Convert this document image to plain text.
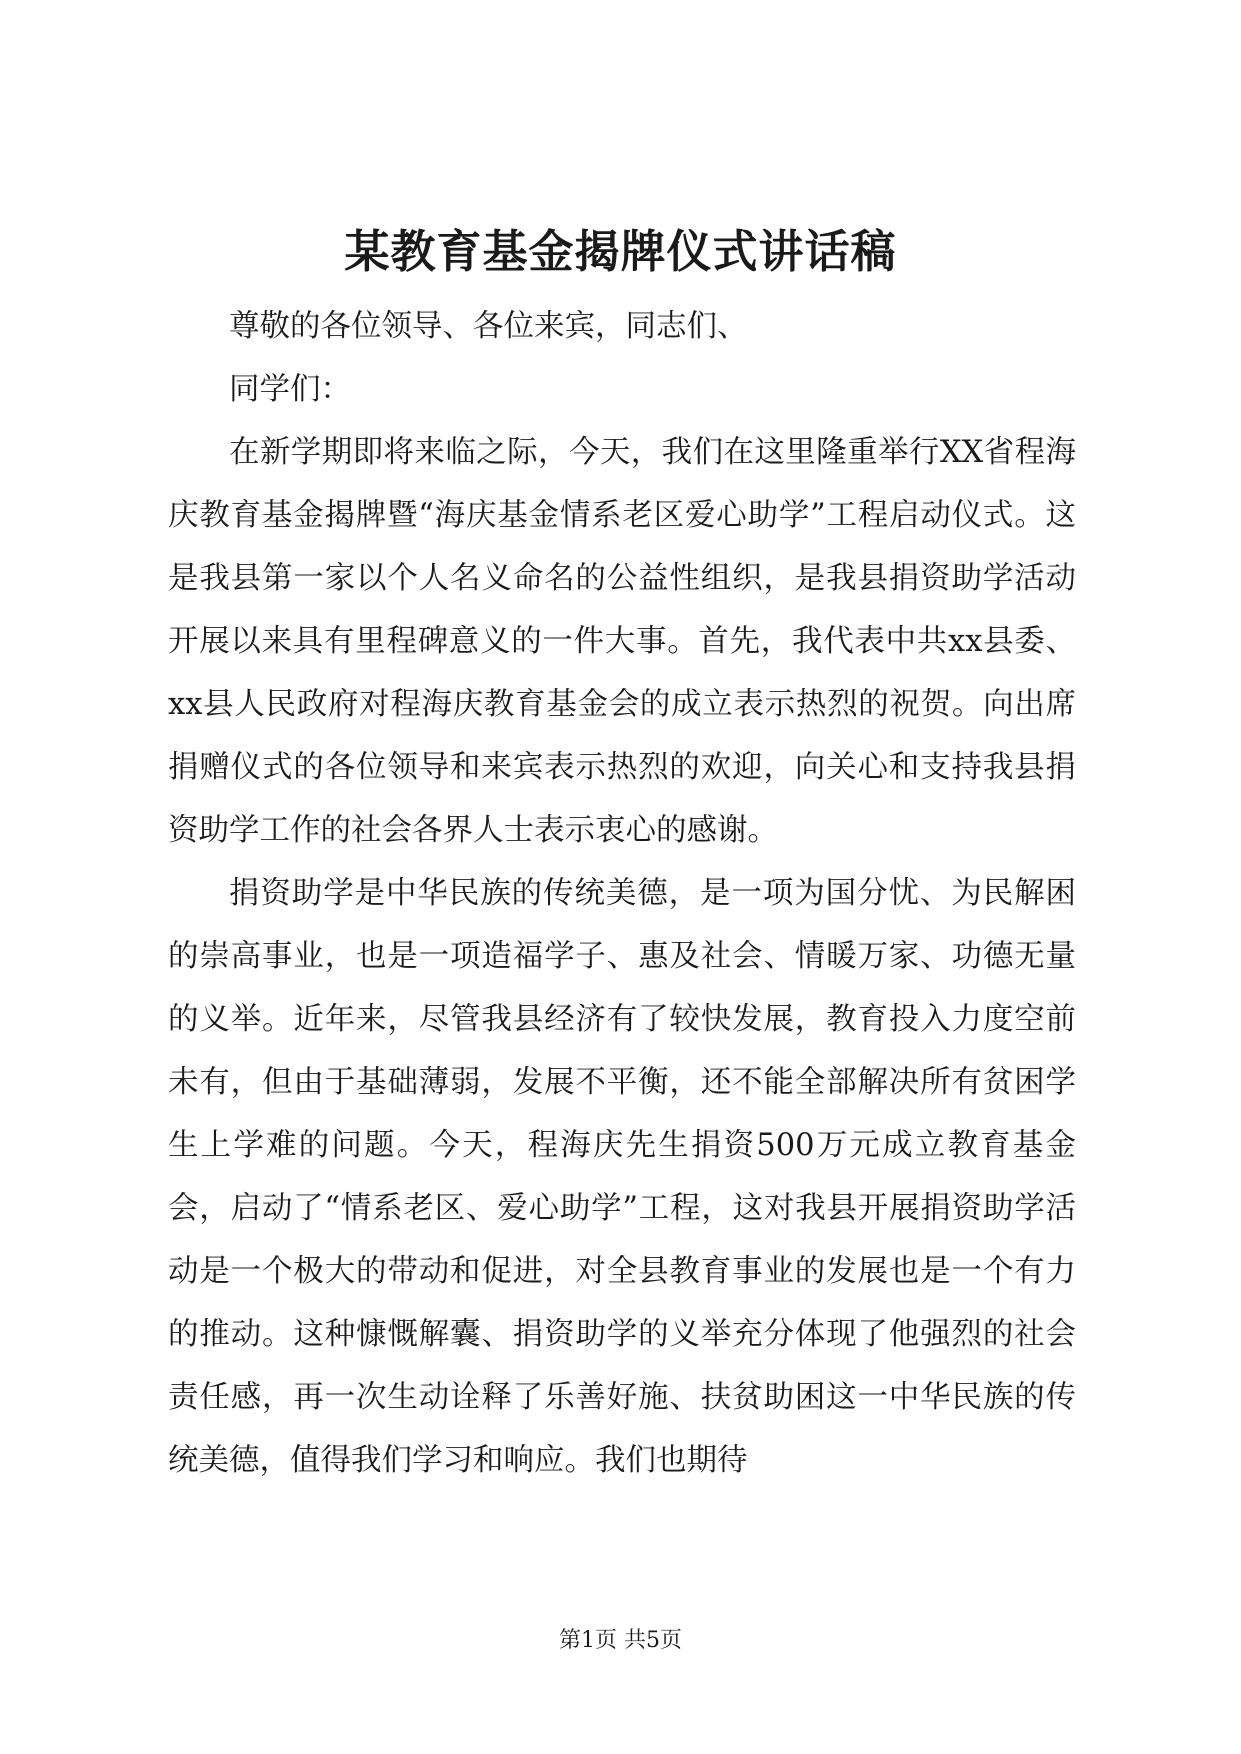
某教育基金揭牌仪式讲话稿

尊敬的各位领导、各位来宾，同志们、

同学们：

在新学期即将来临之际，今天，我们在这里隆重举行XX省程海庆教育基金揭牌暨“海庆基金情系老区爱心助学”工程启动仪式。这是我县第一家以个人名义命名的公益性组织，是我县捐资助学活动开展以来具有里程碑意义的一件大事。首先，我代表中共xx县委、xx县人民政府对程海庆教育基金会的成立表示热烈的祝贺。向出席捐赠仪式的各位领导和来宾表示热烈的欢迎，向关心和支持我县捐资助学工作的社会各界人士表示衷心的感谢。

捐资助学是中华民族的传统美德，是一项为国分忧、为民解困的崇高事业，也是一项造福学子、惠及社会、情暖万家、功德无量的义举。近年来，尽管我县经济有了较快发展，教育投入力度空前未有，但由于基础薄弱，发展不平衡，还不能全部解决所有贫困学生上学难的问题。今天，程海庆先生捐资500万元成立教育基金会，启动了“情系老区、爱心助学”工程，这对我县开展捐资助学活动是一个极大的带动和促进，对全县教育事业的发展也是一个有力的推动。这种慷慨解囊、捐资助学的义举充分体现了他强烈的社会责任感，再一次生动诠释了乐善好施、扶贫助困这一中华民族的传统美德，值得我们学习和响应。我们也期待

第1页 共5页
